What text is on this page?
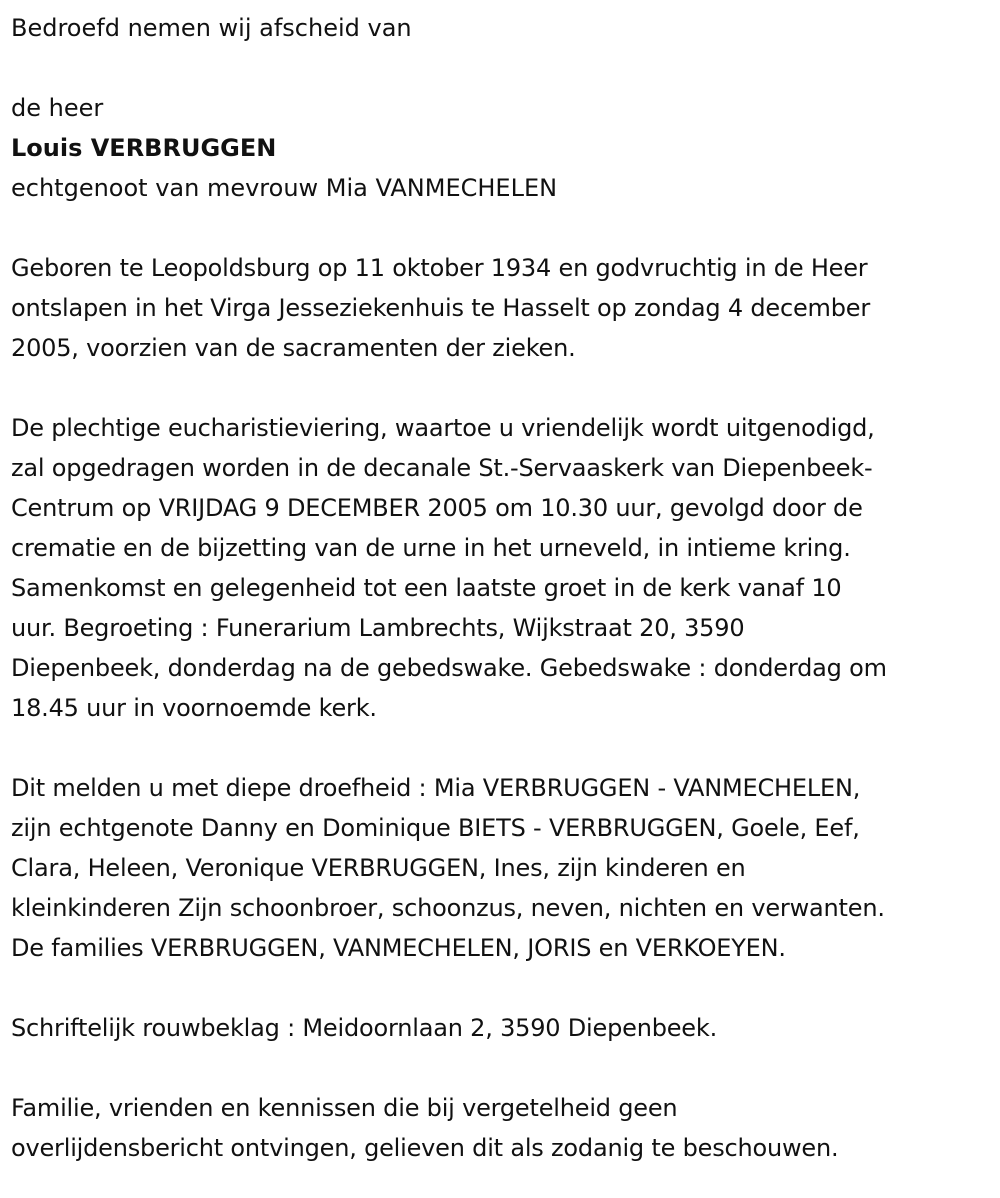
Bedroefd nemen wij afscheid van

de heer

Louis VERBRUGGEN

echtgenoot van mevrouw Mia VANMECHELEN

Geboren te Leopoldsburg op 11 oktober 1934 en godvruchtig in de Heer

ontslapen in het Virga Jesseziekenhuis te Hasselt op zondag 4 december

2005, voorzien van de sacramenten der zieken.

De plechtige eucharistieviering, waartoe u vriendelijk wordt uitgenodigd,

zal opgedragen worden in de decanale St.-Servaaskerk van Diepenbeek-

Centrum op VRIJDAG 9 DECEMBER 2005 om 10.30 uur, gevolgd door de

crematie en de bijzetting van de urne in het urneveld, in intieme kring.

Samenkomst en gelegenheid tot een laatste groet in de kerk vanaf 10

uur. Begroeting : Funerarium Lambrechts, Wijkstraat 20, 3590

Diepenbeek, donderdag na de gebedswake. Gebedswake : donderdag om

18.45 uur in voornoemde kerk.

Dit melden u met diepe droefheid : Mia VERBRUGGEN - VANMECHELEN,

zijn echtgenote Danny en Dominique BIETS - VERBRUGGEN, Goele, Eef,

Clara, Heleen, Veronique VERBRUGGEN, Ines, zijn kinderen en

kleinkinderen Zijn schoonbroer, schoonzus, neven, nichten en verwanten.

De families VERBRUGGEN, VANMECHELEN, JORIS en VERKOEYEN.

Schriftelijk rouwbeklag : Meidoornlaan 2, 3590 Diepenbeek.

Familie, vrienden en kennissen die bij vergetelheid geen

overlijdensbericht ontvingen, gelieven dit als zodanig te beschouwen.
